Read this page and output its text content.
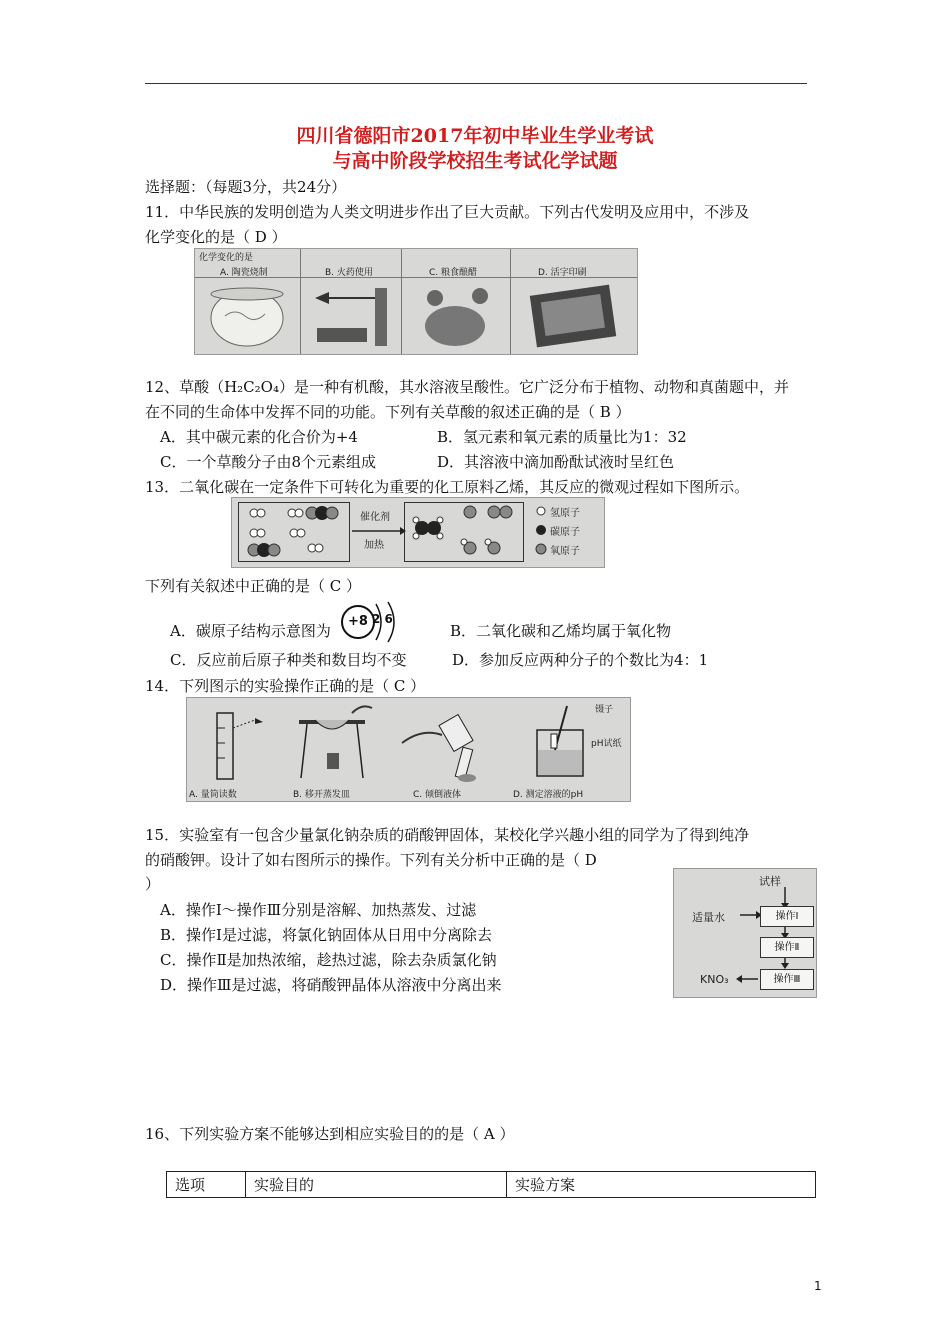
四川省德阳市2017年初中毕业生学业考试
与高中阶段学校招生考试化学试题
选择题：（每题3分，共24分）
11．中华民族的发明创造为人类文明进步作出了巨大贡献。下列古代发明及应用中，不涉及
化学变化的是（ D ）
化学变化的是
A. 陶瓷烧制	B. 火药使用	C. 粮食酿醋	D. 活字印刷
12、草酸（H₂C₂O₄）是一种有机酸，其水溶液呈酸性。它广泛分布于植物、动物和真菌题中，并
在不同的生命体中发挥不同的功能。下列有关草酸的叙述正确的是（ B ）
A．其中碳元素的化合价为+4	B．氢元素和氧元素的质量比为1：32
C．一个草酸分子由8个元素组成	D．其溶液中滴加酚酞试液时呈红色
13．二氧化碳在一定条件下可转化为重要的化工原料乙烯，其反应的微观过程如下图所示。
催化剂
加热
氢原子
碳原子
氧原子
下列有关叙述中正确的是（ C ）
A．碳原子结构示意图为
+8 2 6
B．二氧化碳和乙烯均属于氧化物
C．反应前后原子种类和数目均不变	D．参加反应两种分子的个数比为4：1
14．下列图示的实验操作正确的是（ C ）
镊子
pH试纸
A. 量筒读数	B. 移开蒸发皿	C. 倾倒液体	D. 测定溶液的pH
15．实验室有一包含少量氯化钠杂质的硝酸钾固体，某校化学兴趣小组的同学为了得到纯净
的硝酸钾。设计了如右图所示的操作。下列有关分析中正确的是（ D
）
A．操作Ⅰ～操作Ⅲ分别是溶解、加热蒸发、过滤
B．操作Ⅰ是过滤，将氯化钠固体从日用中分离除去
C．操作Ⅱ是加热浓缩，趁热过滤，除去杂质氯化钠
D．操作Ⅲ是过滤，将硝酸钾晶体从溶液中分离出来
试样
适量水	操作Ⅰ
操作Ⅱ
操作Ⅲ
KNO₃
16、下列实验方案不能够达到相应实验目的的是（ A ）
选项	实验目的	实验方案
1
